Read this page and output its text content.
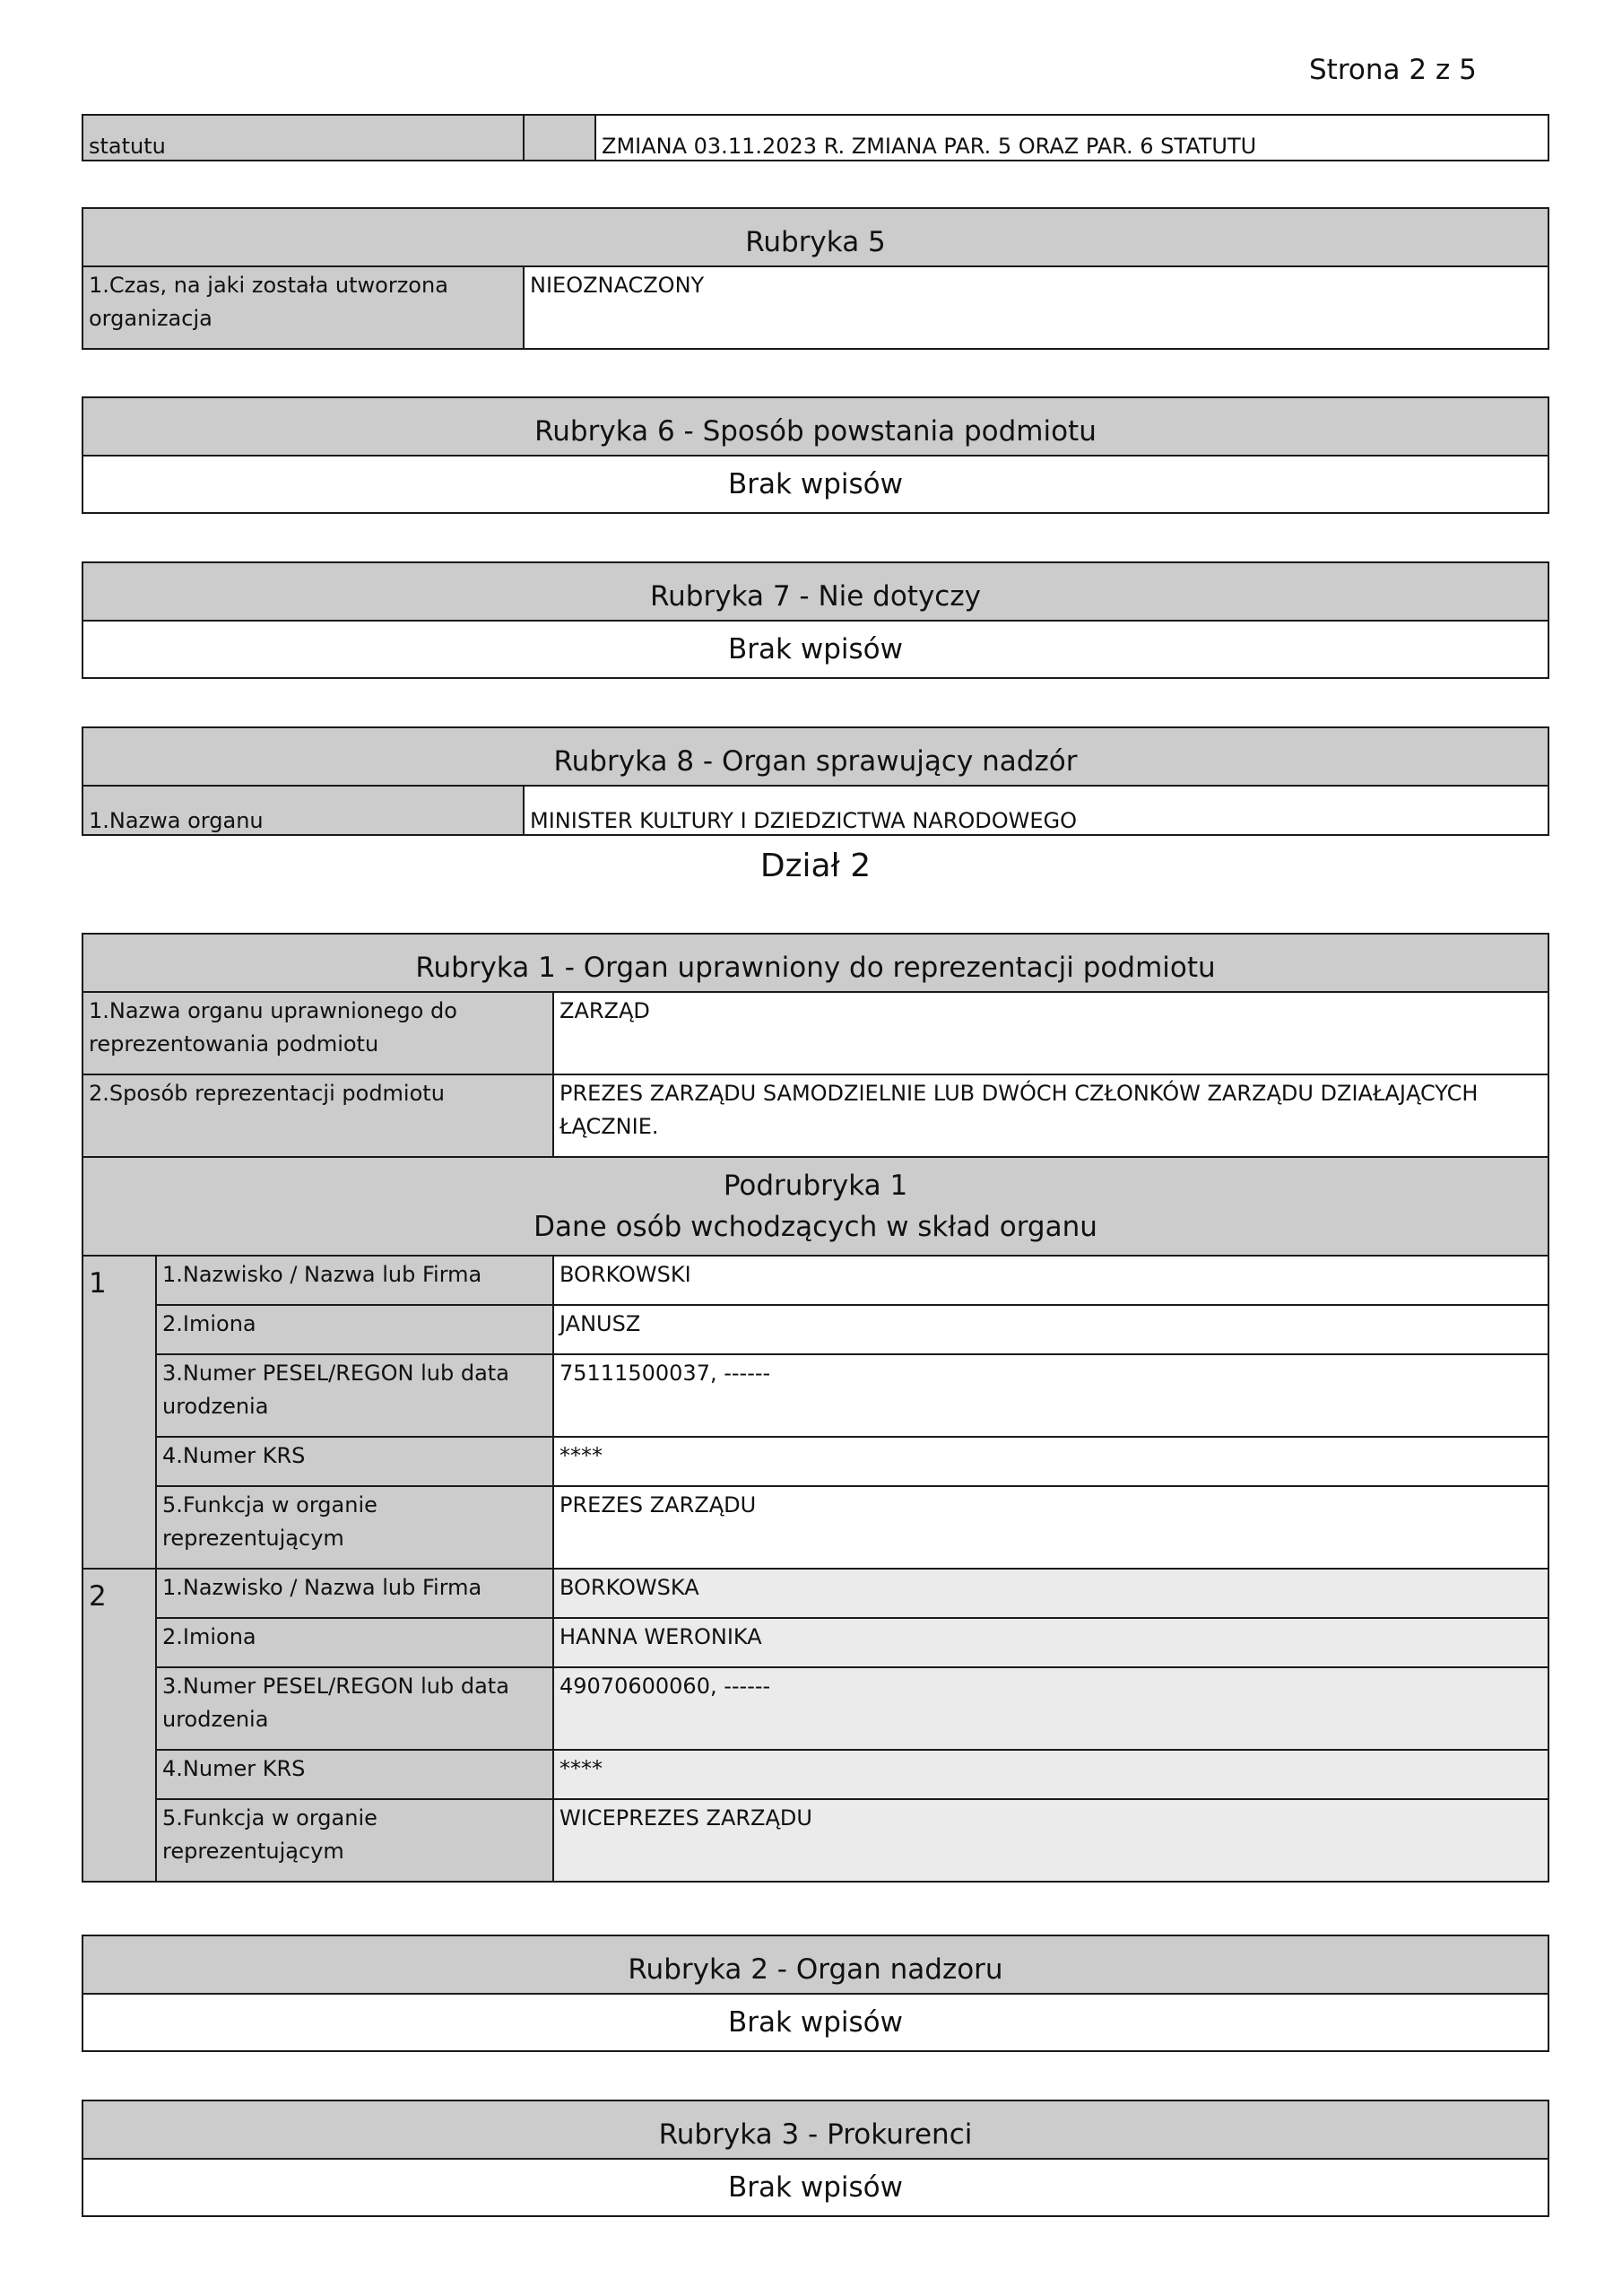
Strona 2 z 5
statutu		ZMIANA 03.11.2023 R. ZMIANA PAR. 5 ORAZ PAR. 6 STATUTU
Rubryka 5
1.Czas, na jaki została utworzona organizacja	NIEOZNACZONY
Rubryka 6 - Sposób powstania podmiotu
Brak wpisów
Rubryka 7 - Nie dotyczy
Brak wpisów
Rubryka 8 - Organ sprawujący nadzór
1.Nazwa organu	MINISTER KULTURY I DZIEDZICTWA NARODOWEGO
Dział 2
Rubryka 1 - Organ uprawniony do reprezentacji podmiotu		
1.Nazwa organu uprawnionego do reprezentowania podmiotu		ZARZĄD
2.Sposób reprezentacji podmiotu		PREZES ZARZĄDU SAMODZIELNIE LUB DWÓCH CZŁONKÓW ZARZĄDU DZIAŁAJĄCYCH ŁĄCZNIE.

Podrubryka 1
Dane osób wchodzących w skład organu		

1	1.Nazwisko / Nazwa lub Firma	BORKOWSKI
	2.Imiona	JANUSZ
	3.Numer PESEL/REGON lub data urodzenia	75111500037, ------
	4.Numer KRS	****
	5.Funkcja w organie reprezentującym	PREZES ZARZĄDU
2	1.Nazwisko / Nazwa lub Firma	BORKOWSKA
	2.Imiona	HANNA WERONIKA
	3.Numer PESEL/REGON lub data urodzenia	49070600060, ------
	4.Numer KRS	****
	5.Funkcja w organie reprezentującym	WICEPREZES ZARZĄDU
Rubryka 2 - Organ nadzoru
Brak wpisów
Rubryka 3 - Prokurenci
Brak wpisów
